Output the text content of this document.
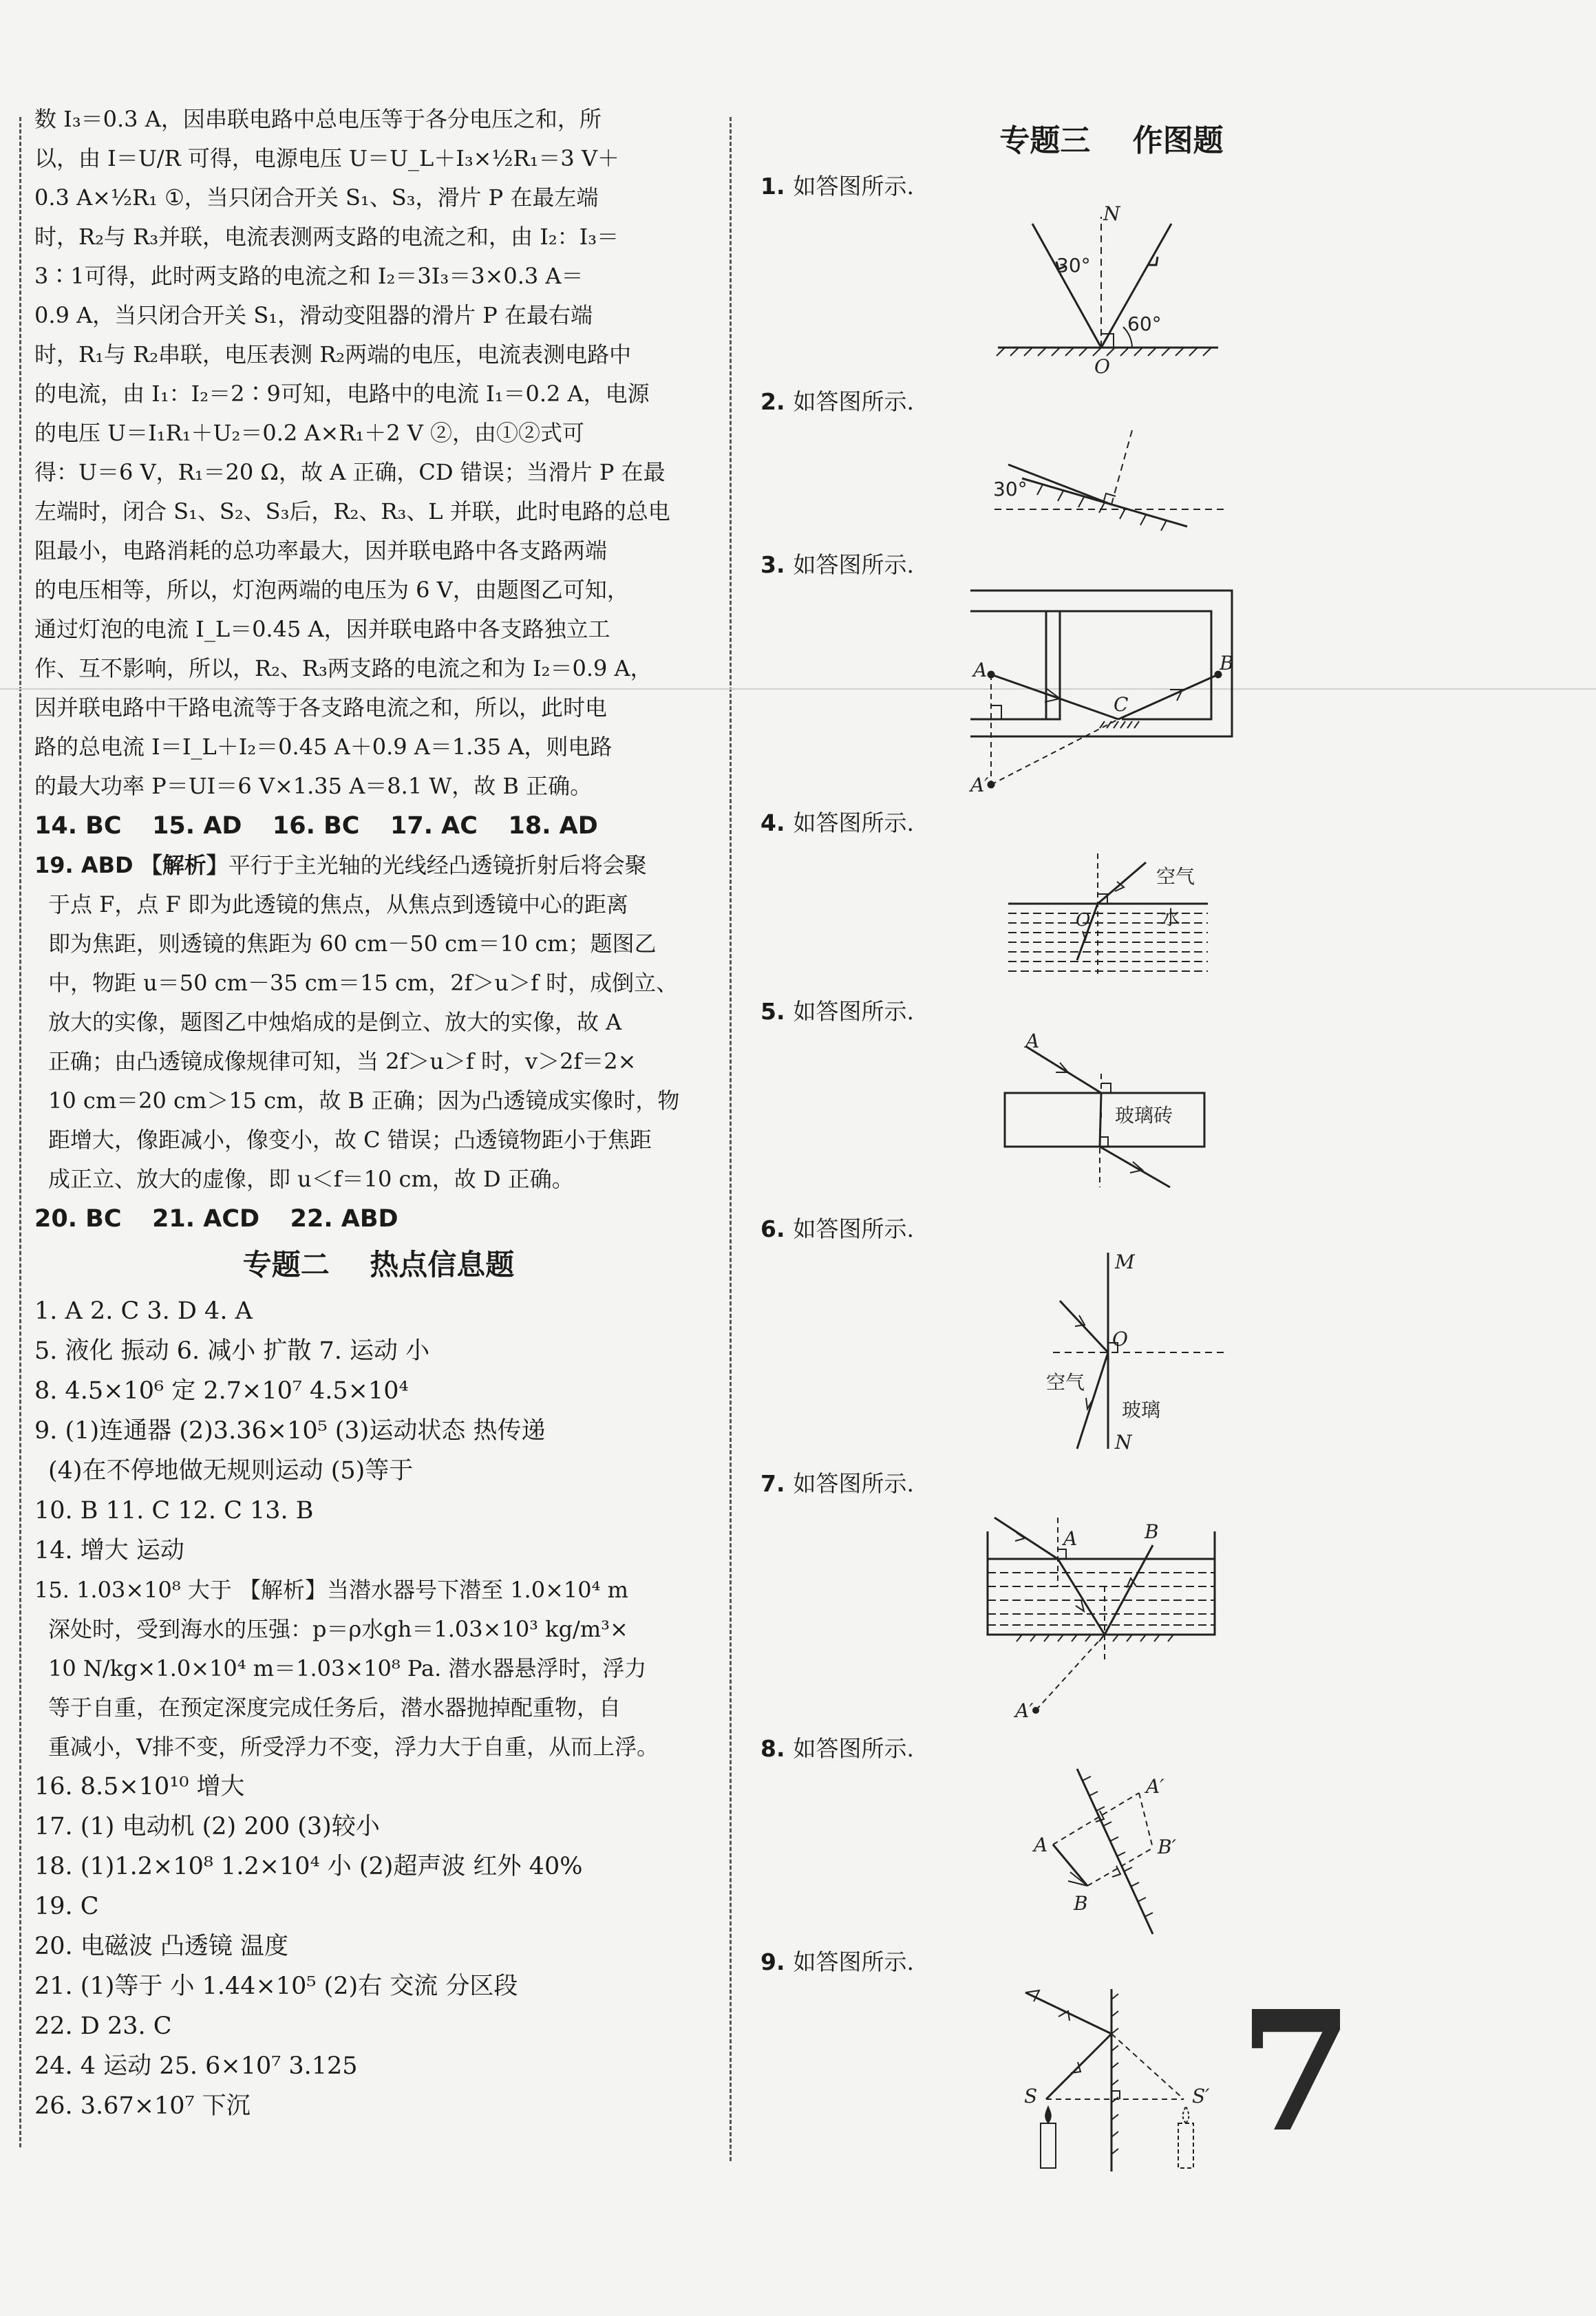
数 I₃＝0.3 A，因串联电路中总电压等于各分电压之和，所
以，由 I＝U/R 可得，电源电压 U＝U_L＋I₃×½R₁＝3 V＋
0.3 A×½R₁ ①，当只闭合开关 S₁、S₃，滑片 P 在最左端
时，R₂与 R₃并联，电流表测两支路的电流之和，由 I₂：I₃＝
3∶1可得，此时两支路的电流之和 I₂＝3I₃＝3×0.3 A＝
0.9 A，当只闭合开关 S₁，滑动变阻器的滑片 P 在最右端
时，R₁与 R₂串联，电压表测 R₂两端的电压，电流表测电路中
的电流，由 I₁：I₂＝2∶9可知，电路中的电流 I₁＝0.2 A，电源
的电压 U＝I₁R₁＋U₂＝0.2 A×R₁＋2 V ②，由①②式可
得：U＝6 V，R₁＝20 Ω，故 A 正确，CD 错误；当滑片 P 在最
左端时，闭合 S₁、S₂、S₃后，R₂、R₃、L 并联，此时电路的总电
阻最小，电路消耗的总功率最大，因并联电路中各支路两端
的电压相等，所以，灯泡两端的电压为 6 V，由题图乙可知，
通过灯泡的电流 I_L＝0.45 A，因并联电路中各支路独立工
作、互不影响，所以，R₂、R₃两支路的电流之和为 I₂＝0.9 A，
因并联电路中干路电流等于各支路电流之和，所以，此时电
路的总电流 I＝I_L＋I₂＝0.45 A＋0.9 A＝1.35 A，则电路
的最大功率 P＝UI＝6 V×1.35 A＝8.1 W，故 B 正确。
14. BC 15. AD 16. BC 17. AC 18. AD
19. ABD 【解析】平行于主光轴的光线经凸透镜折射后将会聚
于点 F，点 F 即为此透镜的焦点，从焦点到透镜中心的距离
即为焦距，则透镜的焦距为 60 cm－50 cm＝10 cm；题图乙
中，物距 u＝50 cm－35 cm＝15 cm，2f＞u＞f 时，成倒立、
放大的实像，题图乙中烛焰成的是倒立、放大的实像，故 A
正确；由凸透镜成像规律可知，当 2f＞u＞f 时，v＞2f＝2×
10 cm＝20 cm＞15 cm，故 B 正确；因为凸透镜成实像时，物
距增大，像距减小，像变小，故 C 错误；凸透镜物距小于焦距
成正立、放大的虚像，即 u＜f＝10 cm，故 D 正确。
20. BC 21. ACD 22. ABD
专题二    热点信息题
1. A 2. C 3. D 4. A
5. 液化 振动 6. 减小 扩散 7. 运动 小
8. 4.5×10⁶ 定 2.7×10⁷ 4.5×10⁴
9. (1)连通器 (2)3.36×10⁵ (3)运动状态 热传递
(4)在不停地做无规则运动 (5)等于
10. B 11. C 12. C 13. B
14. 增大 运动
15. 1.03×10⁸ 大于 【解析】当潜水器号下潜至 1.0×10⁴ m
深处时，受到海水的压强：p＝ρ水gh＝1.03×10³ kg/m³×
10 N/kg×1.0×10⁴ m＝1.03×10⁸ Pa. 潜水器悬浮时，浮力
等于自重，在预定深度完成任务后，潜水器抛掉配重物，自
重减小，V排不变，所受浮力不变，浮力大于自重，从而上浮。
16. 8.5×10¹⁰ 增大
17. (1) 电动机 (2) 200 (3)较小
18. (1)1.2×10⁸ 1.2×10⁴ 小 (2)超声波 红外 40%
19. C
20. 电磁波 凸透镜 温度
21. (1)等于 小 1.44×10⁵ (2)右 交流 分区段
22. D 23. C
24. 4 运动 25. 6×10⁷ 3.125
26. 3.67×10⁷ 下沉
专题三    作图题
1. 如答图所示.
2. 如答图所示.
3. 如答图所示.
4. 如答图所示.
5. 如答图所示.
6. 如答图所示.
7. 如答图所示.
8. 如答图所示.
9. 如答图所示.
N
30°
60°
O
30°
A	B
C
A′
空气
水
O
A
玻璃砖
M
N
O
空气
玻璃
A	B
A′
A
B
A′
B′
S	S′ 7
